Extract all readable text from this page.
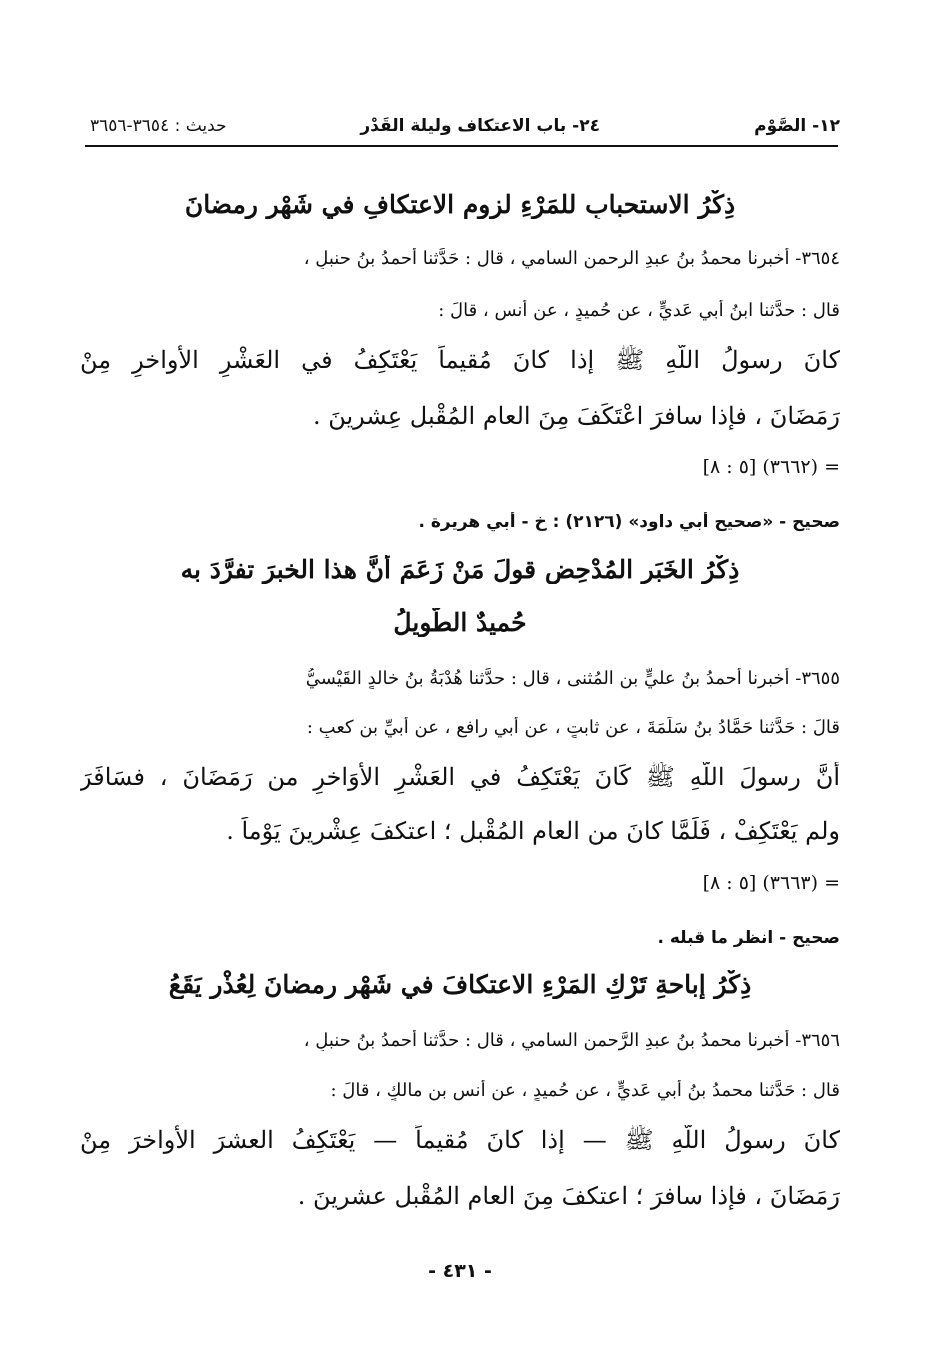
١٢- الصَّوْم
٢٤- باب الاعتكاف وليلة القَدْر
حديث : ٣٦٥٤-٣٦٥٦
ذِكْرُ الاستحبابِ للمَرْءِ لزوم الاعتكافِ في شَهْرِ رمضانَ
٣٦٥٤- أخبرنا محمدُ بنُ عبدِ الرحمن السامي ، قال : حَدَّثنا أحمدُ بنُ حنبلٍ ،
قال : حدَّثنا ابنُ أبي عَديٍّ ، عن حُميدٍ ، عن أنس ، قالَ :
كانَ رسولُ اللَّهِ ﷺ إذا كانَ مُقيماً يَعْتَكِفُ في العَشْرِ الأواخرِ مِنْ
رَمَضَانَ ، فإذا سافرَ اعْتَكَفَ مِنَ العامِ المُقْبلِ عِشرينَ .
= (٣٦٦٢) [٥ : ٨]
صحيح - «صحيح أبي داود» (٢١٢٦) : خ - أبي هريرة .
ذِكْرُ الخَبَرِ المُدْحِضِ قولَ مَنْ زَعَمَ أنَّ هذا الخبرَ تفرَّدَ به
حُميدٌ الطَّويلُ
٣٦٥٥- أخبرنا أحمدُ بنُ عليٍّ بنِ المُثنى ، قال : حدَّثنا هُدْبَةُ بنُ خالدٍ القَيْسيُّ
قالَ : حَدَّثنا حَمَّادُ بنُ سَلَمَةَ ، عن ثابتٍ ، عن أبي رافعٍ ، عن أُبيِّ بن كعبٍ :
أنَّ رسولَ اللَّهِ ﷺ كَانَ يَعْتَكِفُ في العَشْرِ الأَوَاخرِ من رَمَضَانَ ، فسَافَرَ
ولم يَعْتَكِفْ ، فَلَمَّا كانَ من العامِ المُقْبلِ ؛ اعتكفَ عِشْرينَ يَوْماً .
= (٣٦٦٣) [٥ : ٨]
صحيح - انظر ما قبله .
ذِكْرُ إباحةِ تَرْكِ المَرْءِ الاعتكافَ في شَهْرِ رمضانَ لِعُذْرٍ يَقَعُ
٣٦٥٦- أخبرنا محمدُ بنُ عبدِ الرَّحمن السامي ، قال : حدَّثنا أحمدُ بنُ حنبلٍ ،
قال : حَدَّثنا محمدُ بنُ أبي عَديٍّ ، عن حُميدٍ ، عن أنس بن مالكٍ ، قالَ :
كانَ رسولُ اللَّهِ ﷺ — إذا كانَ مُقيماً — يَعْتَكِفُ العشرَ الأواخرَ مِنْ
رَمَضَانَ ، فإذا سافرَ ؛ اعتكفَ مِنَ العامِ المُقْبلِ عشرينَ .
- ٤٣١ -
